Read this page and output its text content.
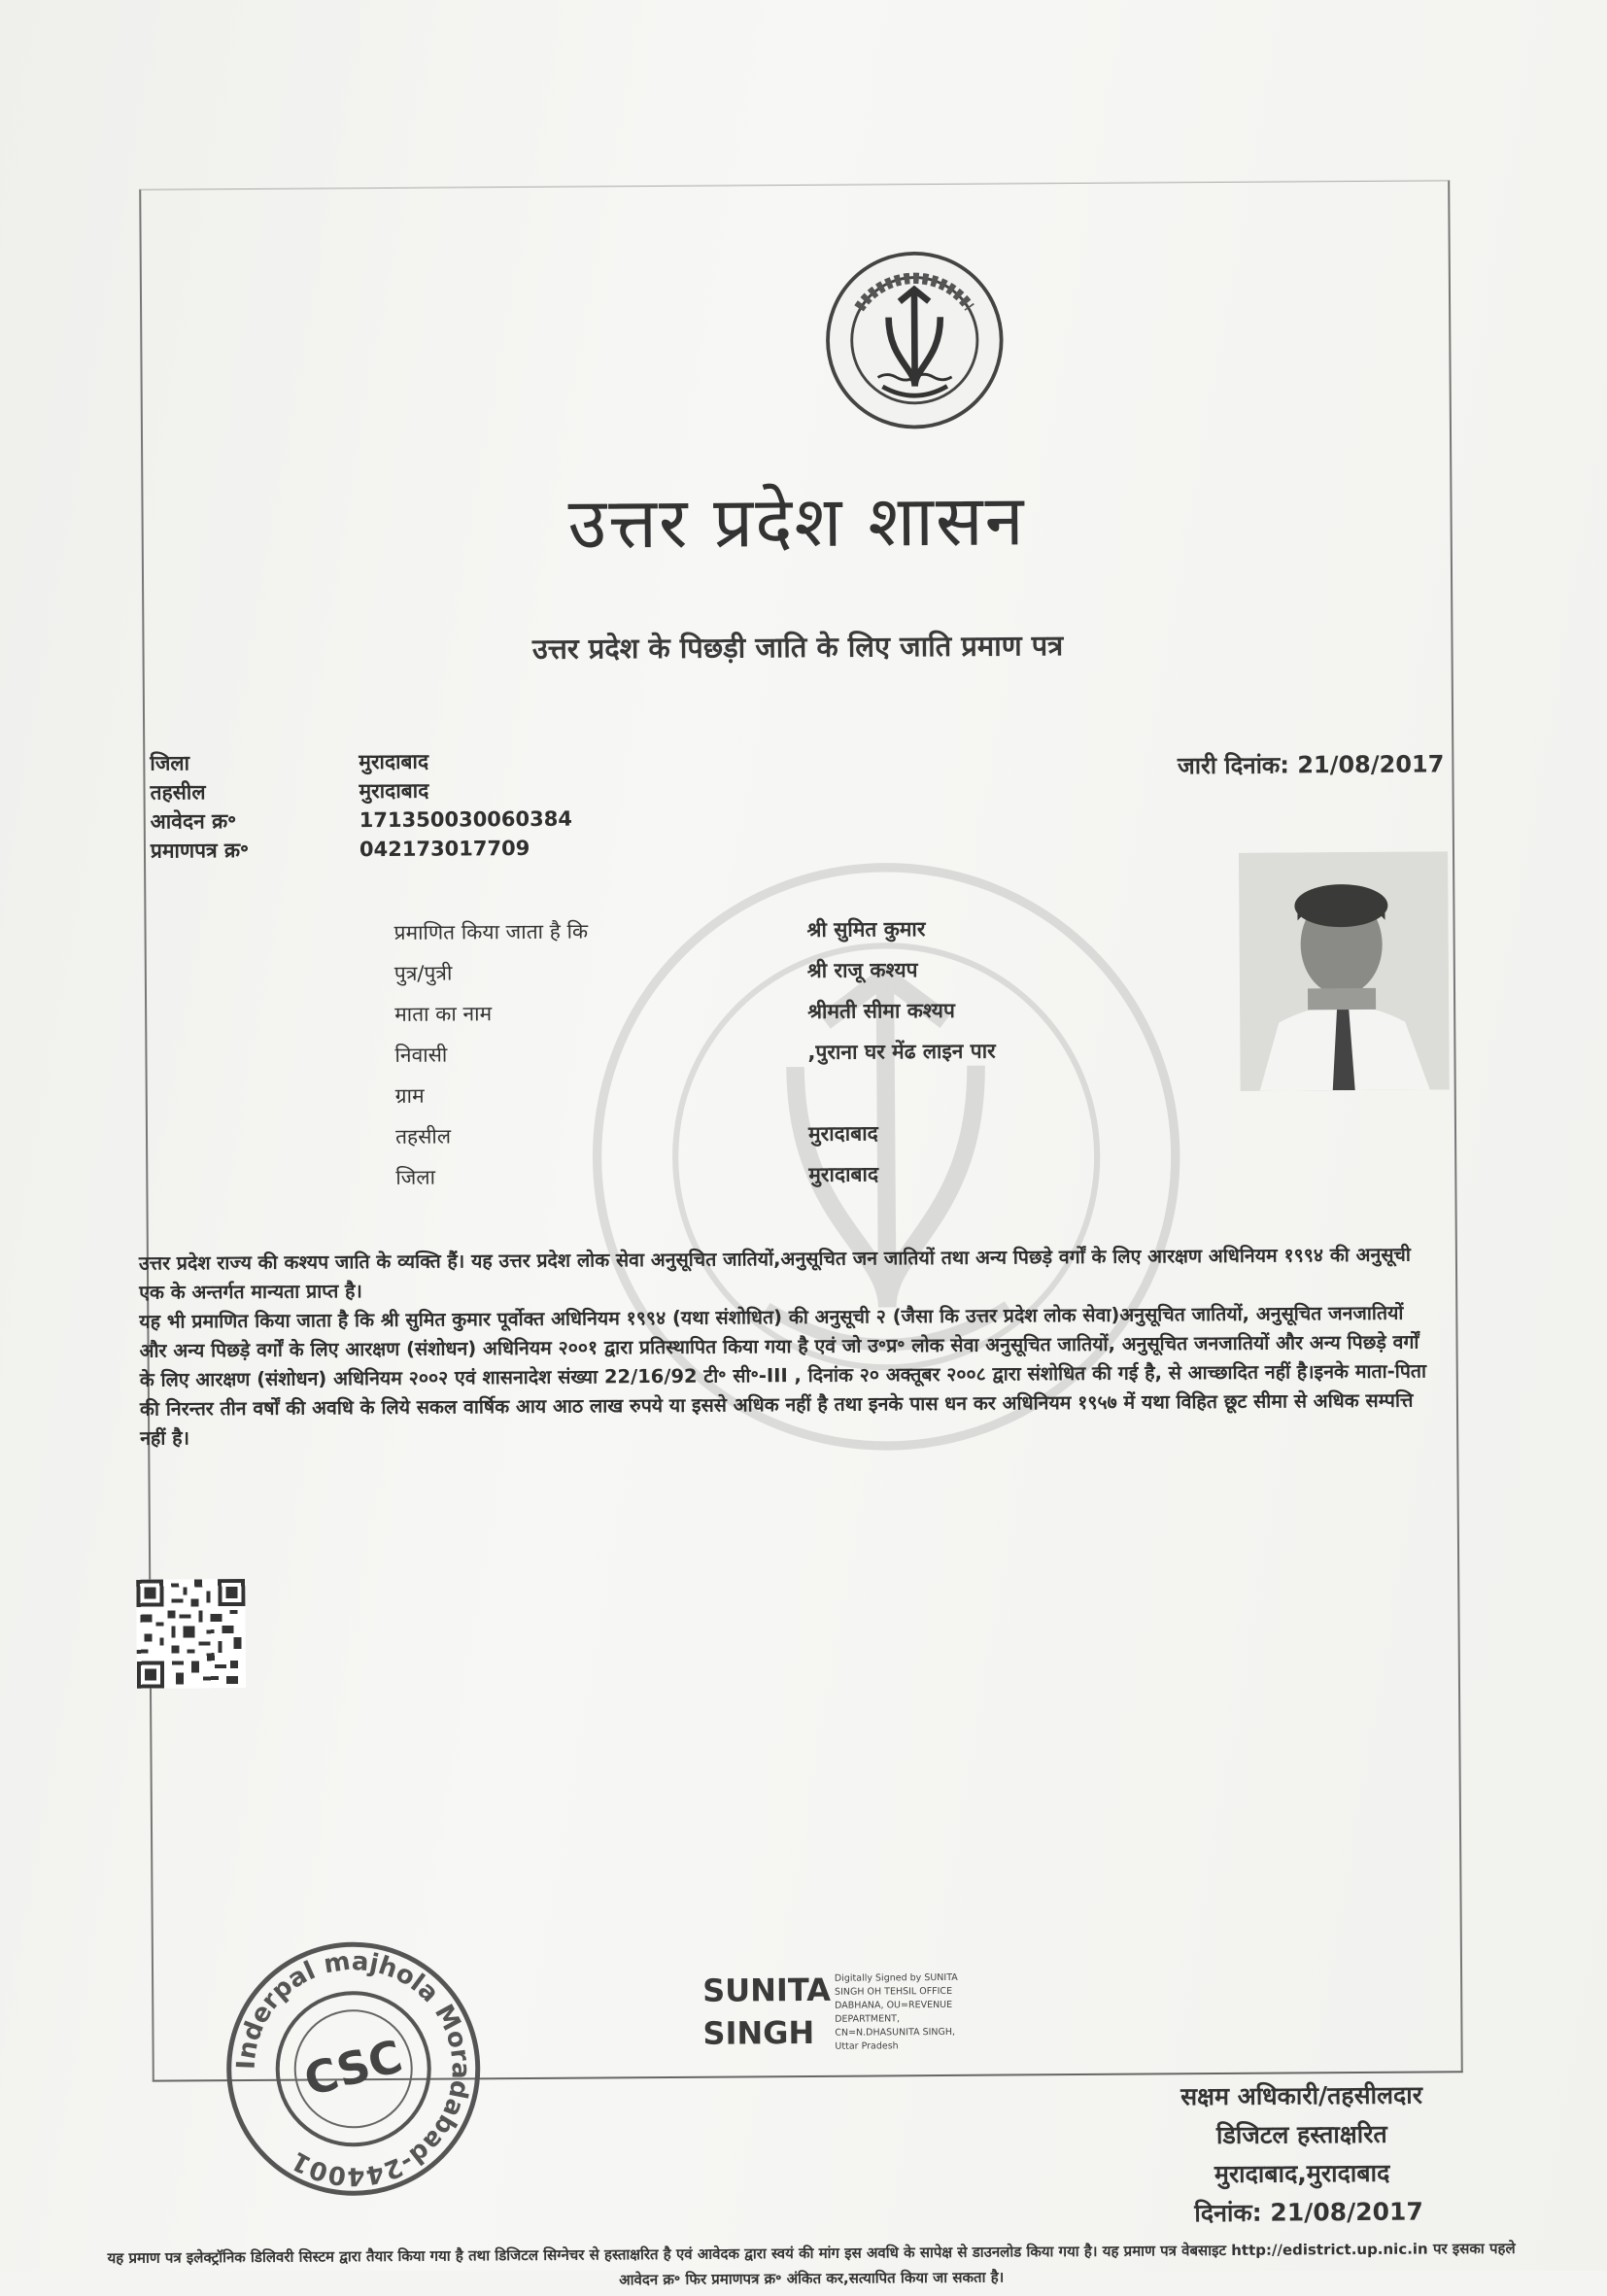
उत्तर प्रदेश शासन
उत्तर प्रदेश के पिछड़ी जाति के लिए जाति प्रमाण पत्र
जिला	मुरादाबाद
तहसील	मुरादाबाद
आवेदन क्र॰	171350030060384
प्रमाणपत्र क्र॰	042173017709
जारी दिनांक: 21/08/2017
प्रमाणित किया जाता है कि	श्री सुमित कुमार
पुत्र/पुत्री	श्री राजू कश्यप
माता का नाम	श्रीमती सीमा कश्यप
निवासी	,पुराना घर मेंढ लाइन पार
ग्राम
तहसील	मुरादाबाद
जिला	मुरादाबाद

उत्तर प्रदेश राज्य की कश्यप जाति के व्यक्ति हैं। यह उत्तर प्रदेश लोक सेवा अनुसूचित जातियों,अनुसूचित जन जातियों तथा अन्य पिछड़े वर्गों के लिए आरक्षण अधिनियम १९९४ की अनुसूची एक के अन्तर्गत मान्यता प्राप्त है।

यह भी प्रमाणित किया जाता है कि श्री सुमित कुमार पूर्वोक्त अधिनियम १९९४ (यथा संशोधित) की अनुसूची २ (जैसा कि उत्तर प्रदेश लोक सेवा)अनुसूचित जातियों, अनुसूचित जनजातियों और अन्य पिछड़े वर्गों के लिए आरक्षण (संशोधन) अधिनियम २००१ द्वारा प्रतिस्थापित किया गया है एवं जो उ॰प्र॰ लोक सेवा अनुसूचित जातियों, अनुसूचित जनजातियों और अन्य पिछड़े वर्गों के लिए आरक्षण (संशोधन) अधिनियम २००२ एवं शासनादेश संख्या 22/16/92 टी॰ सी॰-III , दिनांक २० अक्तूबर २००८ द्वारा संशोधित की गई है, से आच्छादित नहीं है।इनके माता-पिता की निरन्तर तीन वर्षों की अवधि के लिये सकल वार्षिक आय आठ लाख रुपये या इससे अधिक नहीं है तथा इनके पास धन कर अधिनियम १९५७ में यथा विहित छूट सीमा से अधिक सम्पत्ति नहीं है।

Inderpal majhola Moradabad-244001
CSC
SUNITA
SINGH
Digitally Signed by SUNITA SINGH OH TEHSIL OFFICE DABHANA, OU=REVENUE DEPARTMENT, CN=N.DHASUNITA SINGH, Uttar Pradesh
सक्षम अधिकारी/तहसीलदार
डिजिटल हस्ताक्षरित
मुरादाबाद,मुरादाबाद
दिनांक: 21/08/2017
यह प्रमाण पत्र इलेक्ट्रॉनिक डिलिवरी सिस्टम द्वारा तैयार किया गया है तथा डिजिटल सिग्नेचर से हस्ताक्षरित है एवं आवेदक द्वारा स्वयं की मांग इस अवधि के सापेक्ष से डाउनलोड किया गया है। यह प्रमाण पत्र वेबसाइट http://edistrict.up.nic.in पर इसका पहले आवेदन क्र॰ फिर प्रमाणपत्र क्र॰ अंकित कर,सत्यापित किया जा सकता है।
